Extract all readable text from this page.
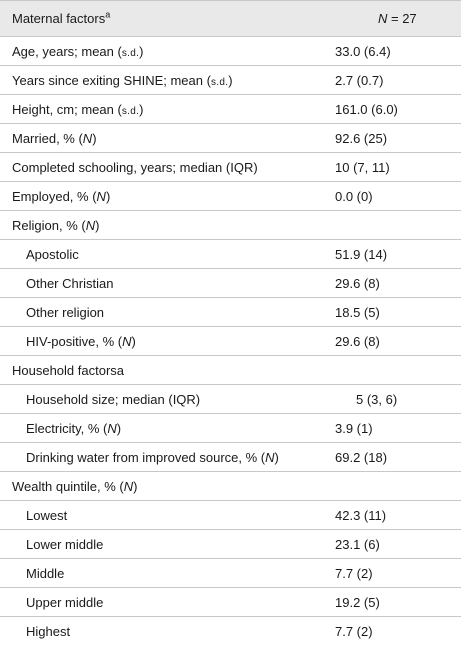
Maternal factors$^a$	N = 27
Age, years; mean (s.d.)	33.0 (6.4)
Years since exiting SHINE; mean (s.d.)	2.7 (0.7)
Height, cm; mean (s.d.)	161.0 (6.0)
Married, % (N)	92.6 (25)
Completed schooling, years; median (IQR)	10 (7, 11)
Employed, % (N)	0.0 (0)
Religion, % (N)
Apostolic	51.9 (14)
Other Christian	29.6 (8)
Other religion	18.5 (5)
HIV-positive, % (N)	29.6 (8)
Household factorsa
Household size; median (IQR)	5 (3, 6)
Electricity, % (N)	3.9 (1)
Drinking water from improved source, % (N)	69.2 (18)
Wealth quintile, % (N)
Lowest	42.3 (11)
Lower middle	23.1 (6)
Middle	7.7 (2)
Upper middle	19.2 (5)
Highest	7.7 (2)
